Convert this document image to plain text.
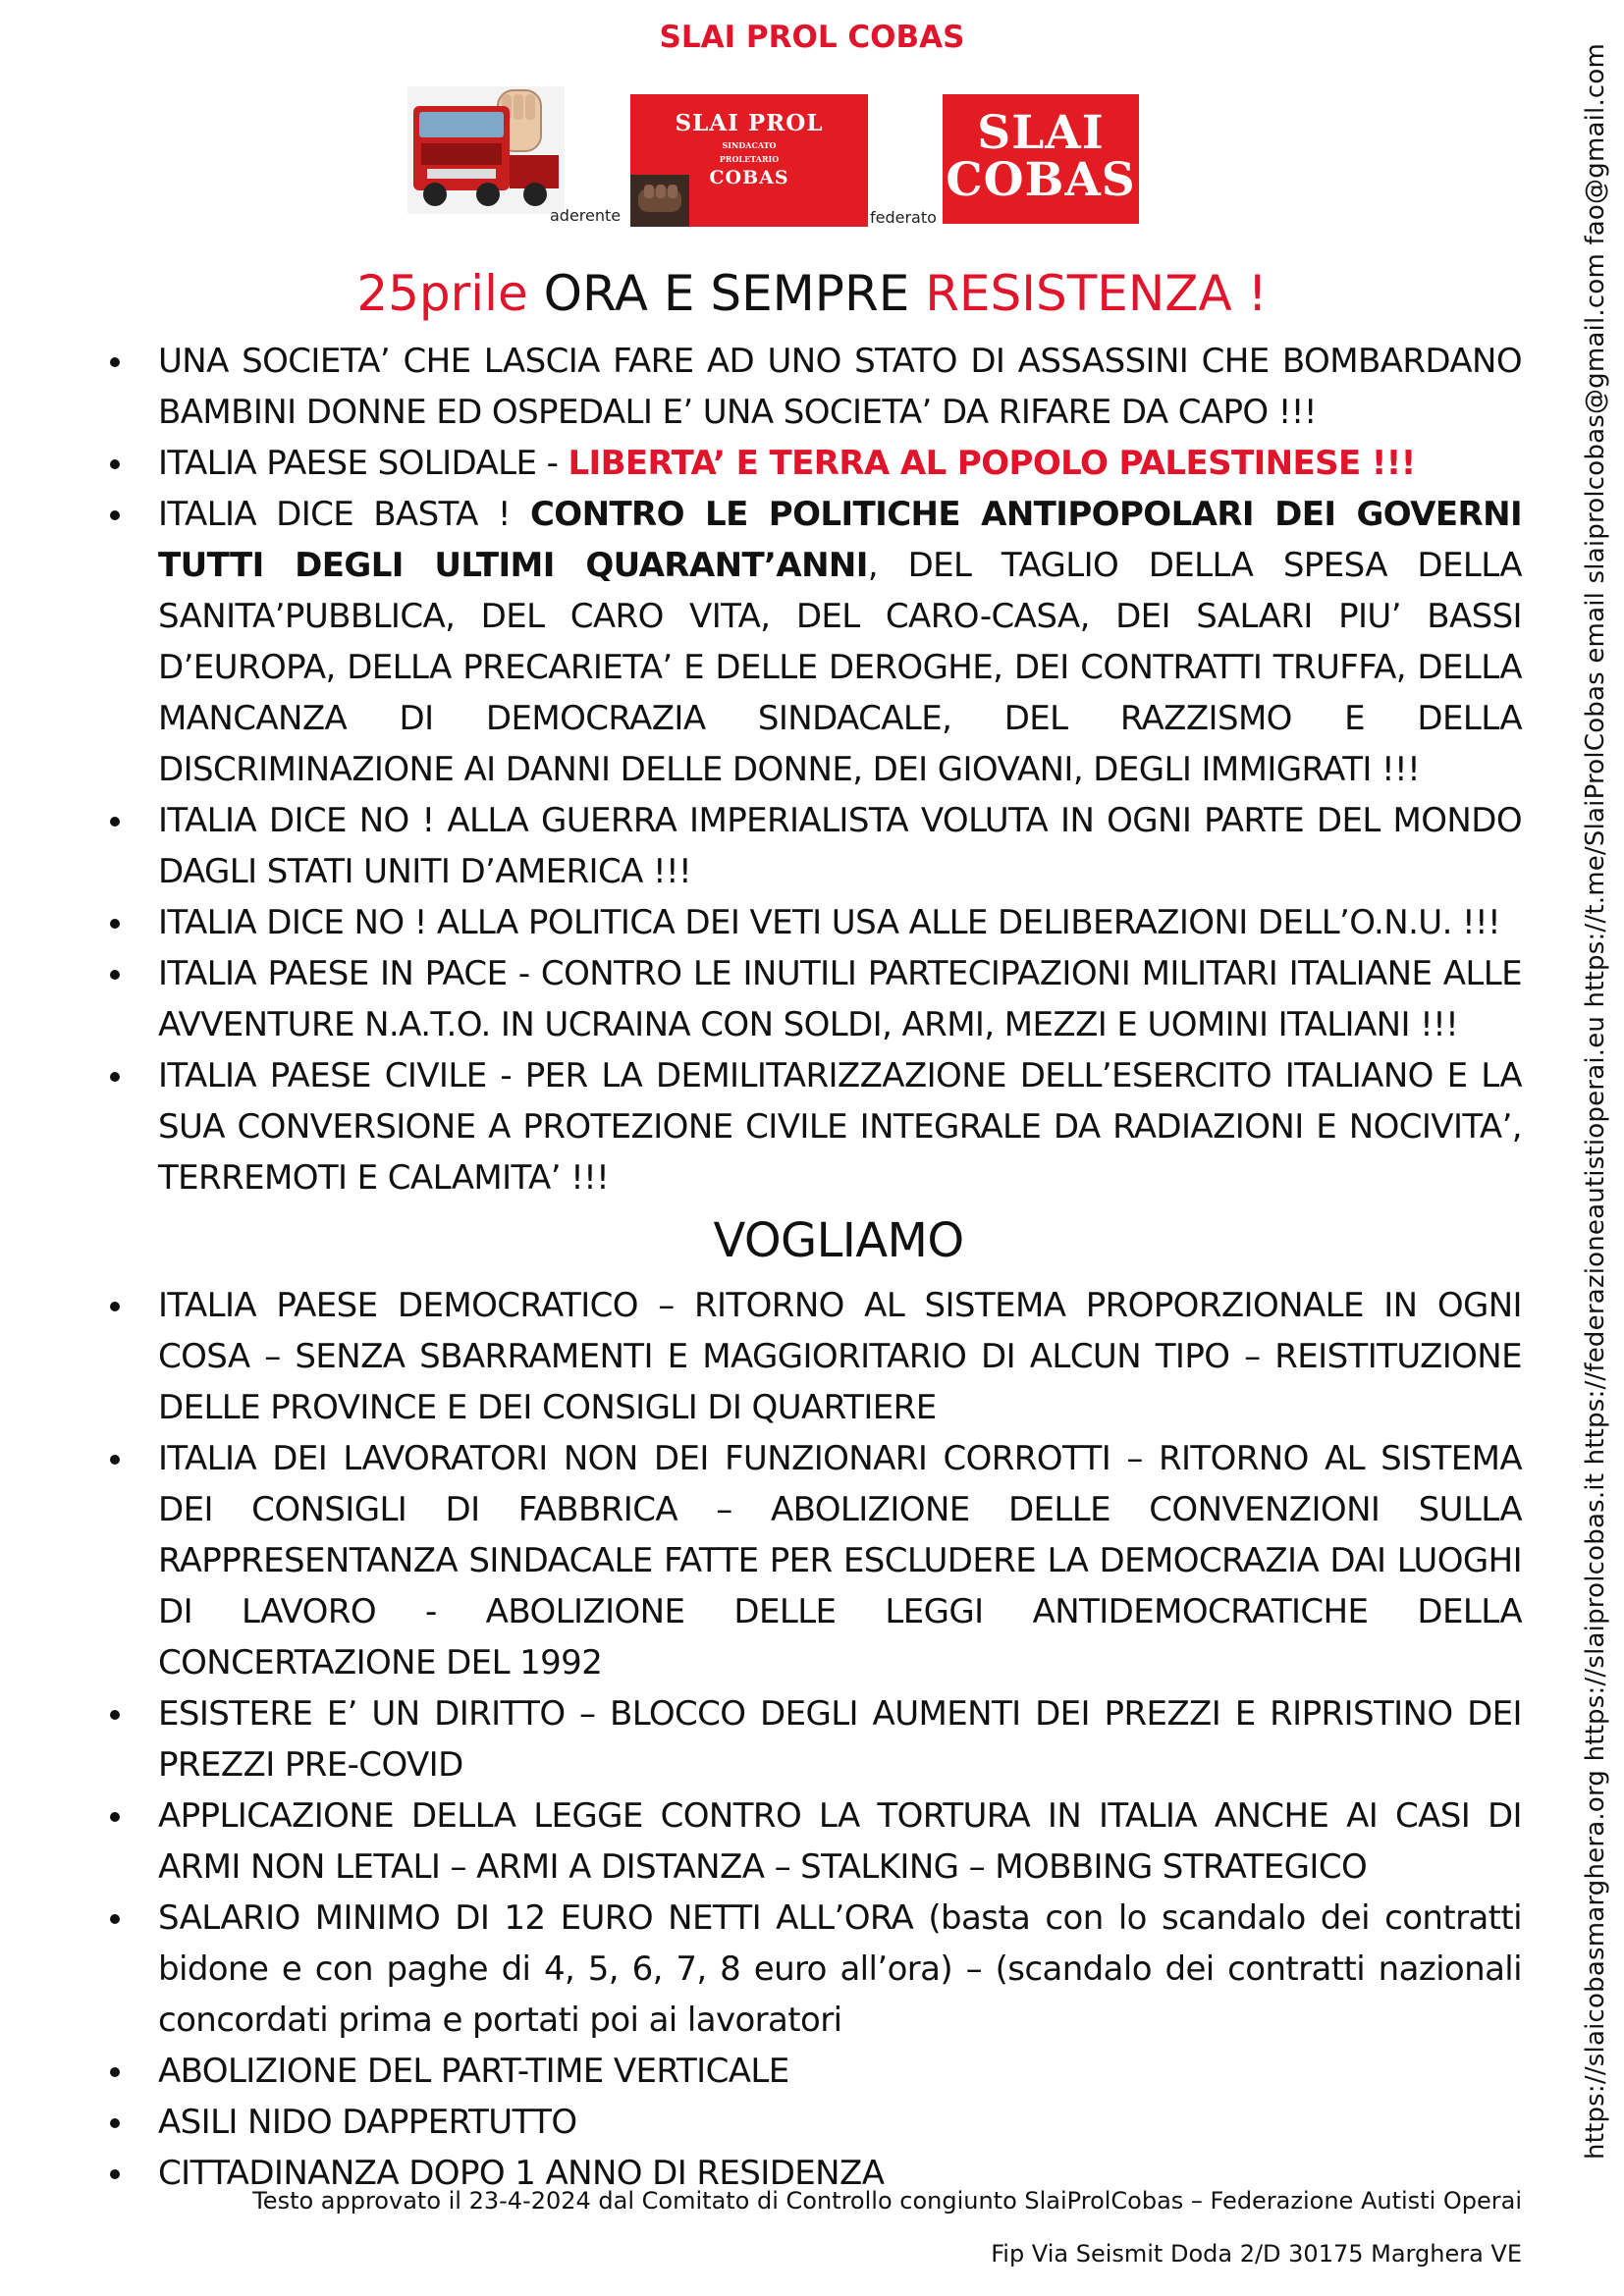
SLAI PROL COBAS
aderente
SLAI PROL
SINDACATO
PROLETARIO
COBAS
federato
SLAI
COBAS
25prile ORA E SEMPRE RESISTENZA !
UNA SOCIETA’ CHE LASCIA FARE AD UNO STATO DI ASSASSINI CHE BOMBARDANO BAMBINI DONNE ED OSPEDALI E’ UNA SOCIETA’ DA RIFARE DA CAPO !!!
ITALIA PAESE SOLIDALE - LIBERTA’ E TERRA AL POPOLO PALESTINESE !!!
ITALIA DICE BASTA ! CONTRO LE POLITICHE ANTIPOPOLARI DEI GOVERNI TUTTI DEGLI ULTIMI QUARANT’ANNI, DEL TAGLIO DELLA SPESA DELLA SANITA’PUBBLICA, DEL CARO VITA, DEL CARO-CASA, DEI SALARI PIU’ BASSI D’EUROPA, DELLA PRECARIETA’ E DELLE DEROGHE, DEI CONTRATTI TRUFFA, DELLA MANCANZA DI DEMOCRAZIA SINDACALE, DEL RAZZISMO E DELLA DISCRIMINAZIONE AI DANNI DELLE DONNE, DEI GIOVANI, DEGLI IMMIGRATI !!!
ITALIA DICE NO ! ALLA GUERRA IMPERIALISTA VOLUTA IN OGNI PARTE DEL MONDO DAGLI STATI UNITI D’AMERICA !!!
ITALIA DICE NO ! ALLA POLITICA DEI VETI USA ALLE DELIBERAZIONI DELL’O.N.U. !!!
ITALIA PAESE IN PACE - CONTRO LE INUTILI PARTECIPAZIONI MILITARI ITALIANE ALLE AVVENTURE N.A.T.O. IN UCRAINA CON SOLDI, ARMI, MEZZI E UOMINI ITALIANI !!!
ITALIA PAESE CIVILE - PER LA DEMILITARIZZAZIONE DELL’ESERCITO ITALIANO E LA SUA CONVERSIONE A PROTEZIONE CIVILE INTEGRALE DA RADIAZIONI E NOCIVITA’, TERREMOTI E CALAMITA’ !!!
VOGLIAMO
ITALIA PAESE DEMOCRATICO – RITORNO AL SISTEMA PROPORZIONALE IN OGNI COSA – SENZA SBARRAMENTI E MAGGIORITARIO DI ALCUN TIPO – REISTITUZIONE DELLE PROVINCE E DEI CONSIGLI DI QUARTIERE
ITALIA DEI LAVORATORI NON DEI FUNZIONARI CORROTTI – RITORNO AL SISTEMA DEI CONSIGLI DI FABBRICA – ABOLIZIONE DELLE CONVENZIONI SULLA RAPPRESENTANZA SINDACALE FATTE PER ESCLUDERE LA DEMOCRAZIA DAI LUOGHI DI LAVORO - ABOLIZIONE DELLE LEGGI ANTIDEMOCRATICHE DELLA CONCERTAZIONE DEL 1992
ESISTERE E’ UN DIRITTO – BLOCCO DEGLI AUMENTI DEI PREZZI E RIPRISTINO DEI PREZZI PRE-COVID
APPLICAZIONE DELLA LEGGE CONTRO LA TORTURA IN ITALIA ANCHE AI CASI DI ARMI NON LETALI – ARMI A DISTANZA – STALKING – MOBBING STRATEGICO
SALARIO MINIMO DI 12 EURO NETTI ALL’ORA (basta con lo scandalo dei contratti bidone e con paghe di 4, 5, 6, 7, 8 euro all’ora) – (scandalo dei contratti nazionali concordati prima e portati poi ai lavoratori
ABOLIZIONE DEL PART-TIME VERTICALE
ASILI NIDO DAPPERTUTTO
CITTADINANZA DOPO 1 ANNO DI RESIDENZA
Testo approvato il 23-4-2024 dal Comitato di Controllo congiunto SlaiProlCobas – Federazione Autisti Operai
Fip Via Seismit Doda 2/D 30175 Marghera VE
https://slaicobasmarghera.org https://slaiprolcobas.it https://federazioneautistioperai.eu https://t.me/SlaiProlCobas email slaiprolcobas@gmail.com fao@gmail.com
